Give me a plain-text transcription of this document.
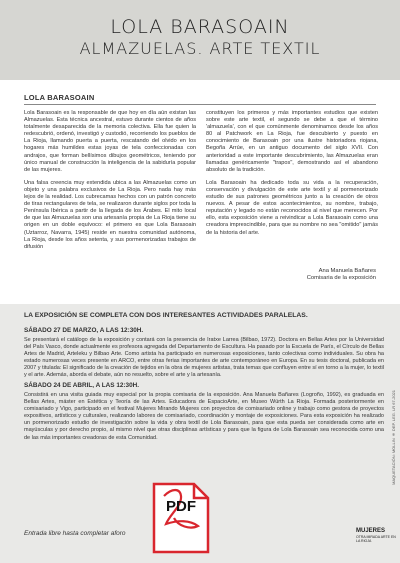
LOLA BARASOAIN
ALMAZUELAS. ARTE TEXTIL
LOLA BARASOAIN

Lola Barasoain es la responsable de que hoy en día aún existan las Almazuelas. Esta técnica ancestral, estuvo durante cientos de años totalmente desaparecida de la memoria colectiva. Ella fue quien la redescubrió, ordenó, investigó y custodió, recorriendo los pueblos de La Rioja, llamando puerta a puerta, rescatando del olvido en los hogares más humildes estas joyas de tela confeccionadas con andrajos, que forman bellísimos dibujos geométricos, teniendo por único manual de construcción la inteligencia de la sabiduría popular de las mujeres.

Una falsa creencia muy extendida ubica a las Almazuelas como un objeto y una palabra exclusivos de La Rioja. Pero nada hay más lejos de la realidad. Los cubrecamas hechos con un patrón concreto de tiras rectangulares de tela, se realizaron durante siglos por toda la Península Ibérica a partir de la llegada de los Árabes. El mito local de que las Almazuelas son una artesanía propia de La Rioja tiene su origen en un doble equívoco: el primero es que Lola Barasoain (Uztarroz, Navarra, 1945) reside en nuestra comunidad autónoma, La Rioja, desde los años setenta, y sus pormenorizadas trabajos de difusión

constituyen los primeros y más importantes estudios que existen sobre este arte textil, el segundo se debe a que el término 'almazuela', con el que comúnmente denominamos desde los años 80 al Patchwork en La Rioja, fue descubierto y puesto en conocimiento de Barasoain por una ilustre historiadora riojana, Begoña Arrúe, en un antiguo documento del siglo XVII. Con anterioridad a este importante descubrimiento, las Almazuelas eran llamadas genéricamente "trapos", demostrando así el abandono absoluto de la tradición.

Lola Barasoain ha dedicado toda su vida a la recuperación, conservación y divulgación de este arte textil y al pormenorizado estudio de sus patrones geométricos junto a la creación de otros nuevos. A pesar de estos acontecimientos, su nombre, trabajo, reputación y legado no están reconocidos al nivel que merecen. Por ello, esta exposición viene a reivindicar a Lola Barasoain como una creadora imprescindible, para que su nombre no sea "omitido" jamás de la historia del arte.

Ana Manuela Bañares
Comisaria de la exposición
LA EXPOSICIÓN SE COMPLETA CON DOS INTERESANTES ACTIVIDADES PARALELAS.
SÁBADO 27 DE MARZO, A LAS 12:30H.
Se presentará el catálogo de la exposición y contará con la presencia de Iratxe Larrea (Bilbao, 1972). Doctora en Bellas Artes por la Universidad del País Vasco, donde actualmente es profesora agregada del Departamento de Escultura. Ha pasado por la Escuela de París, el Círculo de Bellas Artes de Madrid, Arteleku y Bilbao Arte. Como artista ha participado en numerosas exposiciones, tanto colectivas como individuales. Su obra ha estado numerosas veces presente en ARCO, entre otras ferias importantes de arte contemporáneo en Europa. En su tesis doctoral, publicada en 2007 y titulada: El significado de la creación de tejidos en la obra de mujeres artistas, trata temas que confluyen entre sí en torno a la mujer, lo textil y el arte. Además, aborda el debate, aún no resuelto, sobre el arte y la artesanía.
SÁBADO 24 DE ABRIL, A LAS 12:30H.
Consistirá en una visita guiada muy especial por la propia comisaria de la exposición. Ana Manuela Bañares (Logroño, 1992), es graduada en Bellas Artes, máster en Estética y Teoría de las Artes. Educadora de EspacioArte, en Museo Würth La Rioja. Formada posteriormente en comisariado y Vigo, participado en el festival Mujeres Mirando Mujeres con proyectos de comisariado online y trabajo como gestora de proyectos expositivos, artísticos y culturales, realizando labores de comisariado, coordinación y montaje de exposiciones. Para esta exposición ha realizado un pormenorizado estudio de investigación sobre la vida y obra textil de Lola Barasoain, para que esta pueda ser considerada como arte en mayúsculas y por derecho propio, al mismo nivel que otras disciplinas artísticas y para que la figura de Lola Barasoain sea reconocida como una de las más importantes creadoras de esta Comunidad.
Entrada libre hasta completar aforo
PDF
MUJERES
OTRA MIRADA ARTE EN LA RIOJA
MAQUETACIÓN: MOLLIN ® DEP. LEG. LR 67-2021
